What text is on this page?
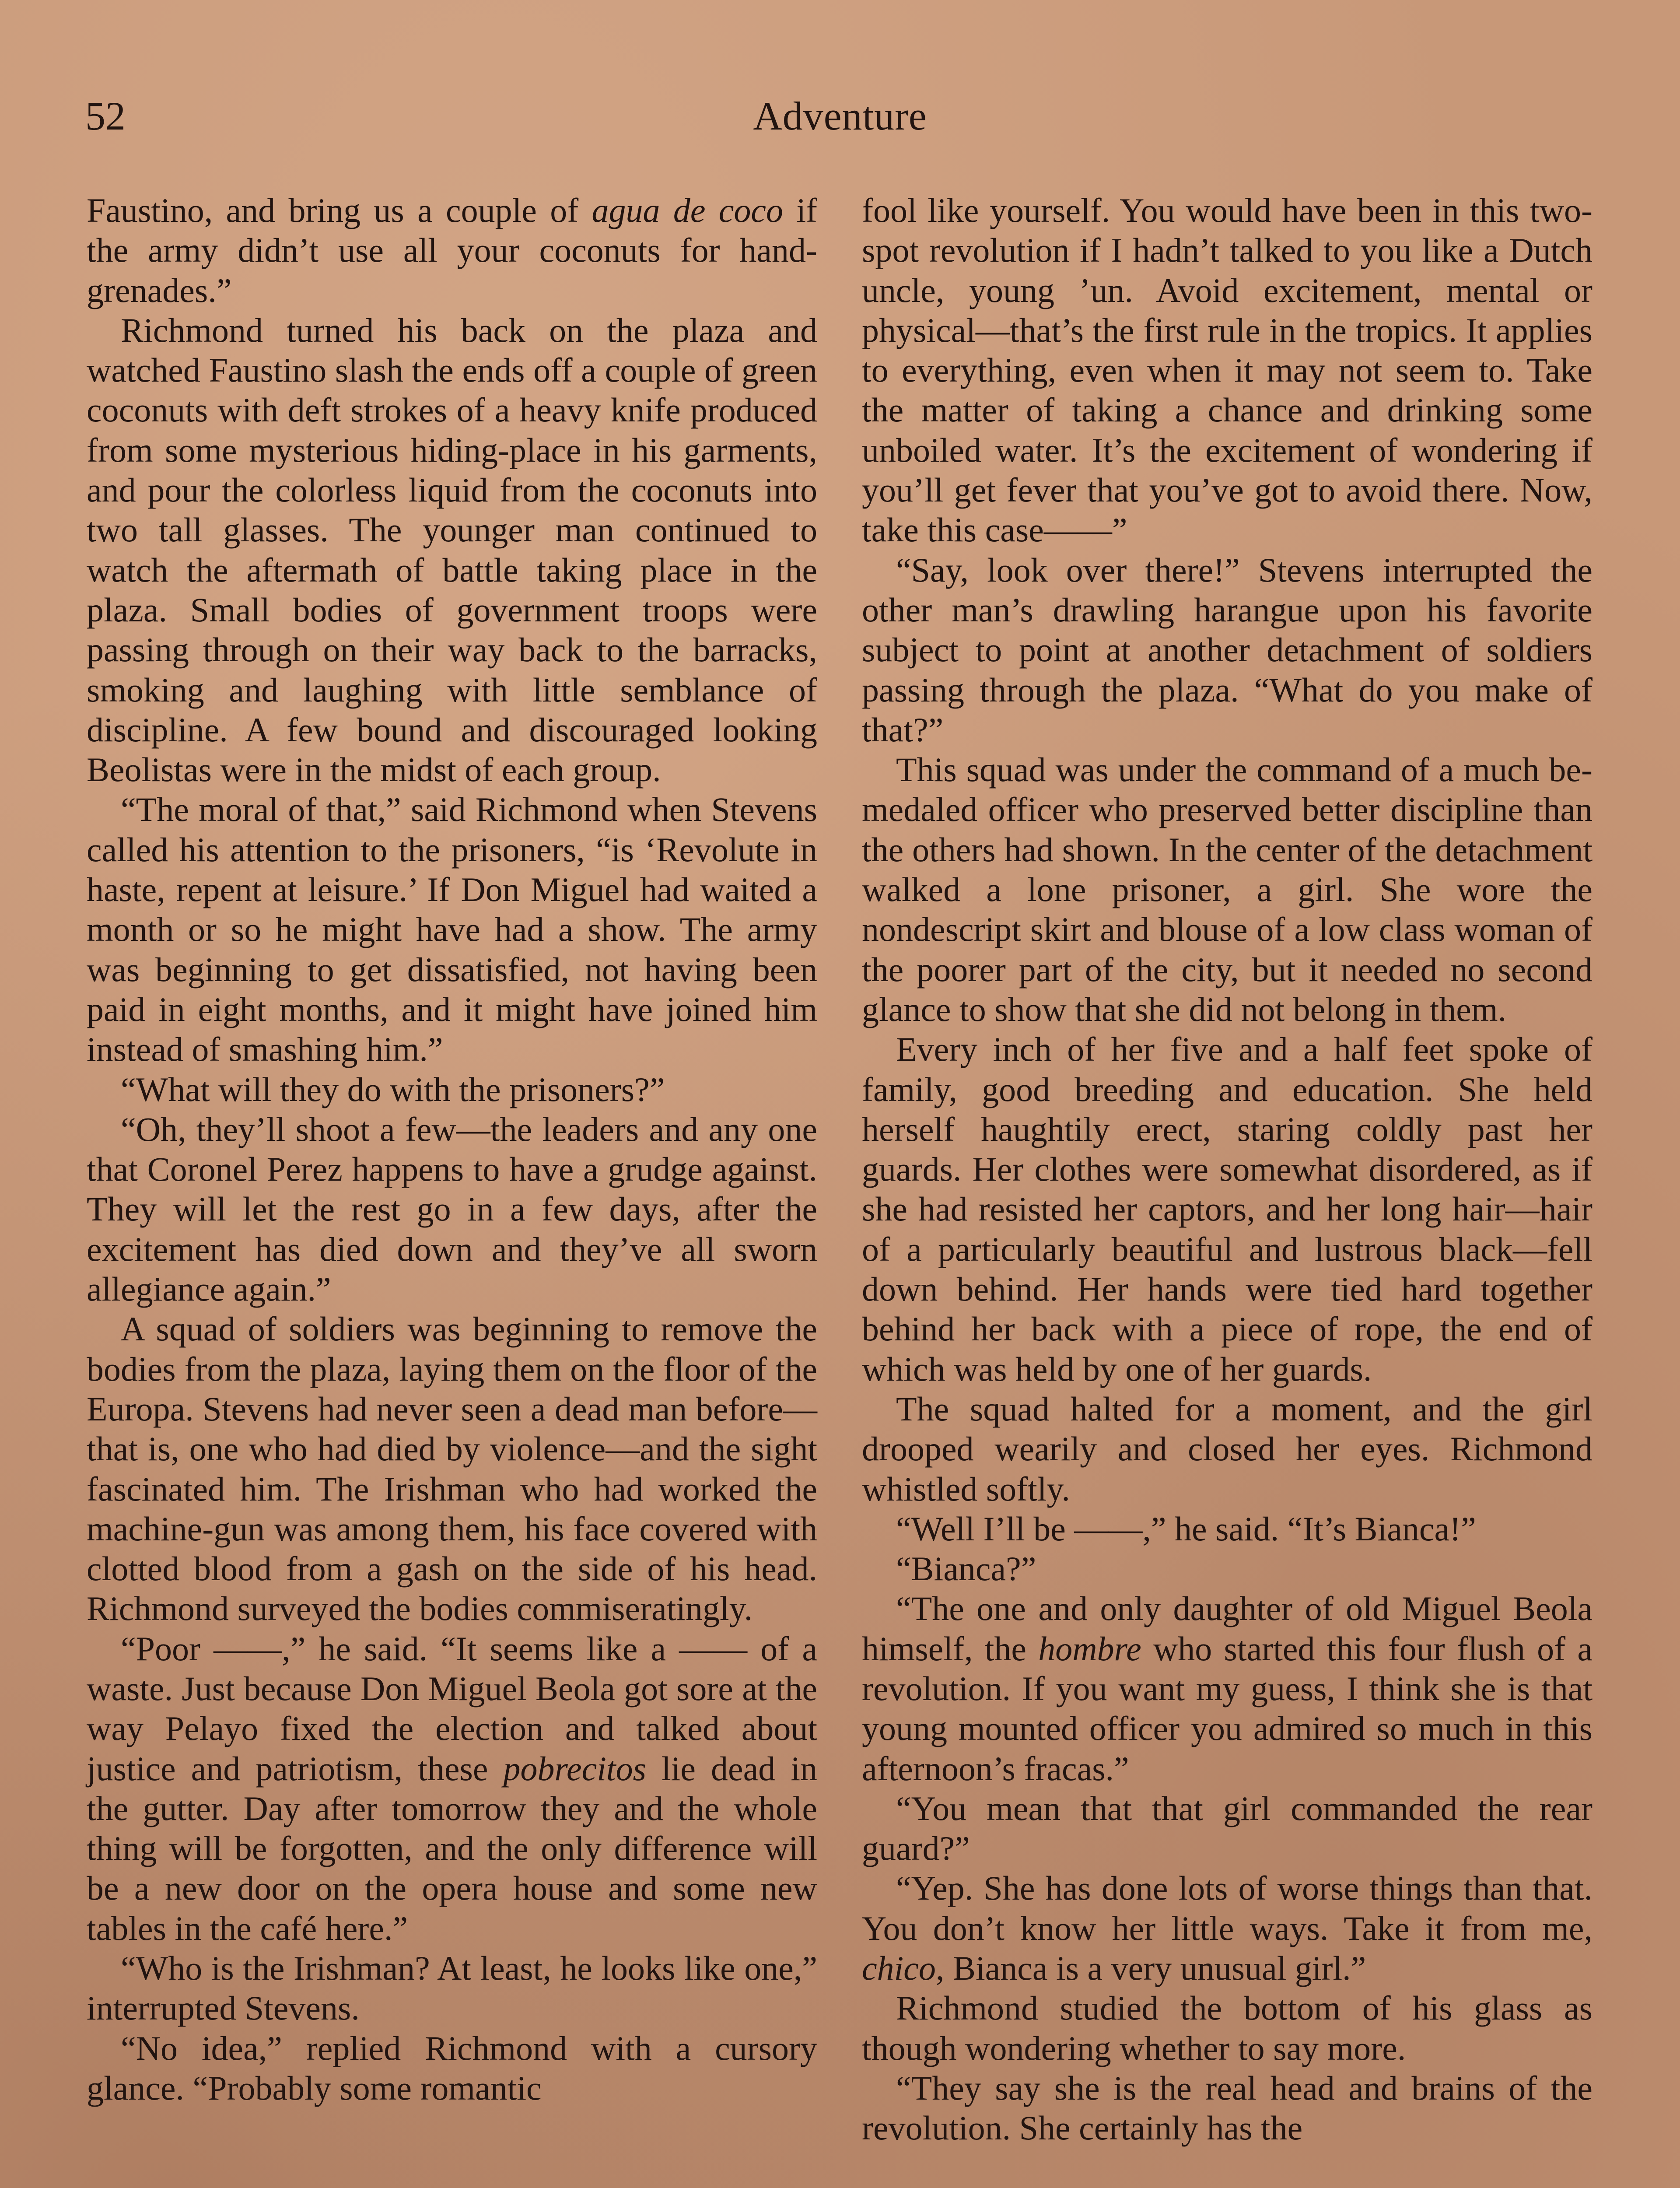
Adventure
52

Faustino, and bring us a couple of agua de coco if the army didn’t use all your coconuts for hand-grenades.”

Richmond turned his back on the plaza and watched Faustino slash the ends off a couple of green coconuts with deft strokes of a heavy knife produced from some mysterious hiding-place in his garments, and pour the colorless liquid from the coconuts into two tall glasses. The younger man continued to watch the aftermath of battle taking place in the plaza. Small bodies of government troops were passing through on their way back to the barracks, smoking and laughing with little semblance of discipline. A few bound and discouraged looking Beolistas were in the midst of each group.

“The moral of that,” said Richmond when Stevens called his attention to the prisoners, “is ‘Revolute in haste, repent at leisure.’ If Don Miguel had waited a month or so he might have had a show. The army was beginning to get dissatisfied, not having been paid in eight months, and it might have joined him instead of smashing him.”

“What will they do with the prisoners?”

“Oh, they’ll shoot a few—the leaders and any one that Coronel Perez happens to have a grudge against. They will let the rest go in a few days, after the excitement has died down and they’ve all sworn allegiance again.”

A squad of soldiers was beginning to remove the bodies from the plaza, laying them on the floor of the Europa. Stevens had never seen a dead man before—that is, one who had died by violence—and the sight fascinated him. The Irishman who had worked the machine-gun was among them, his face covered with clotted blood from a gash on the side of his head. Richmond surveyed the bodies commiseratingly.

“Poor ——,” he said. “It seems like a —— of a waste. Just because Don Miguel Beola got sore at the way Pelayo fixed the election and talked about justice and patriotism, these pobrecitos lie dead in the gutter. Day after tomorrow they and the whole thing will be forgotten, and the only difference will be a new door on the opera house and some new tables in the café here.”

“Who is the Irishman? At least, he looks like one,” interrupted Stevens.

“No idea,” replied Richmond with a cursory glance. “Probably some romantic

fool like yourself. You would have been in this two-spot revolution if I hadn’t talked to you like a Dutch uncle, young ’un. Avoid excitement, mental or physical—that’s the first rule in the tropics. It applies to everything, even when it may not seem to. Take the matter of taking a chance and drinking some unboiled water. It’s the excitement of wondering if you’ll get fever that you’ve got to avoid there. Now, take this case——”

“Say, look over there!” Stevens interrupted the other man’s drawling harangue upon his favorite subject to point at another detachment of soldiers passing through the plaza. “What do you make of that?”

This squad was under the command of a much be-medaled officer who preserved better discipline than the others had shown. In the center of the detachment walked a lone prisoner, a girl. She wore the nondescript skirt and blouse of a low class woman of the poorer part of the city, but it needed no second glance to show that she did not belong in them.

Every inch of her five and a half feet spoke of family, good breeding and education. She held herself haughtily erect, staring coldly past her guards. Her clothes were somewhat disordered, as if she had resisted her captors, and her long hair—hair of a particularly beautiful and lustrous black—fell down behind. Her hands were tied hard together behind her back with a piece of rope, the end of which was held by one of her guards.

The squad halted for a moment, and the girl drooped wearily and closed her eyes. Richmond whistled softly.

“Well I’ll be ——,” he said. “It’s Bianca!”

“Bianca?”

“The one and only daughter of old Miguel Beola himself, the hombre who started this four flush of a revolution. If you want my guess, I think she is that young mounted officer you admired so much in this afternoon’s fracas.”

“You mean that that girl commanded the rear guard?”

“Yep. She has done lots of worse things than that. You don’t know her little ways. Take it from me, chico, Bianca is a very unusual girl.”

Richmond studied the bottom of his glass as though wondering whether to say more.

“They say she is the real head and brains of the revolution. She certainly has the
